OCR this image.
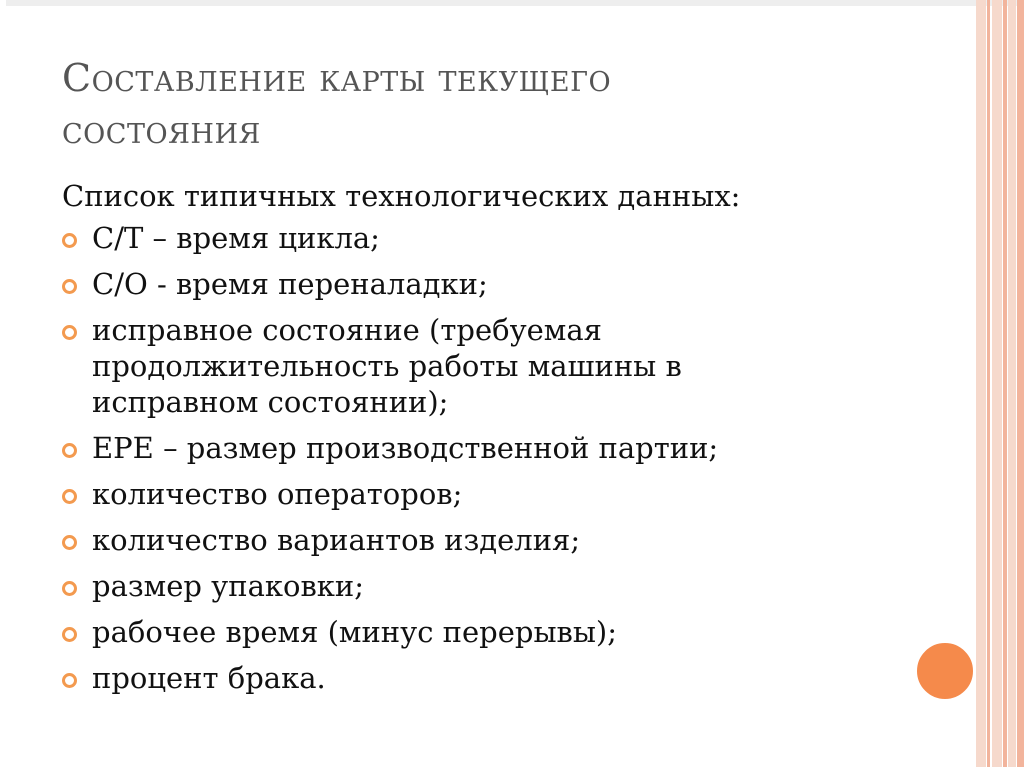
Составление карты текущего
состояния
Список типичных технологических данных:
C/T – время цикла;
C/O - время переналадки;
исправное состояние (требуемая
продолжительность работы машины в
исправном состоянии);
EPE – размер производственной партии;
количество операторов;
количество вариантов изделия;
размер упаковки;
рабочее время (минус перерывы);
процент брака.
